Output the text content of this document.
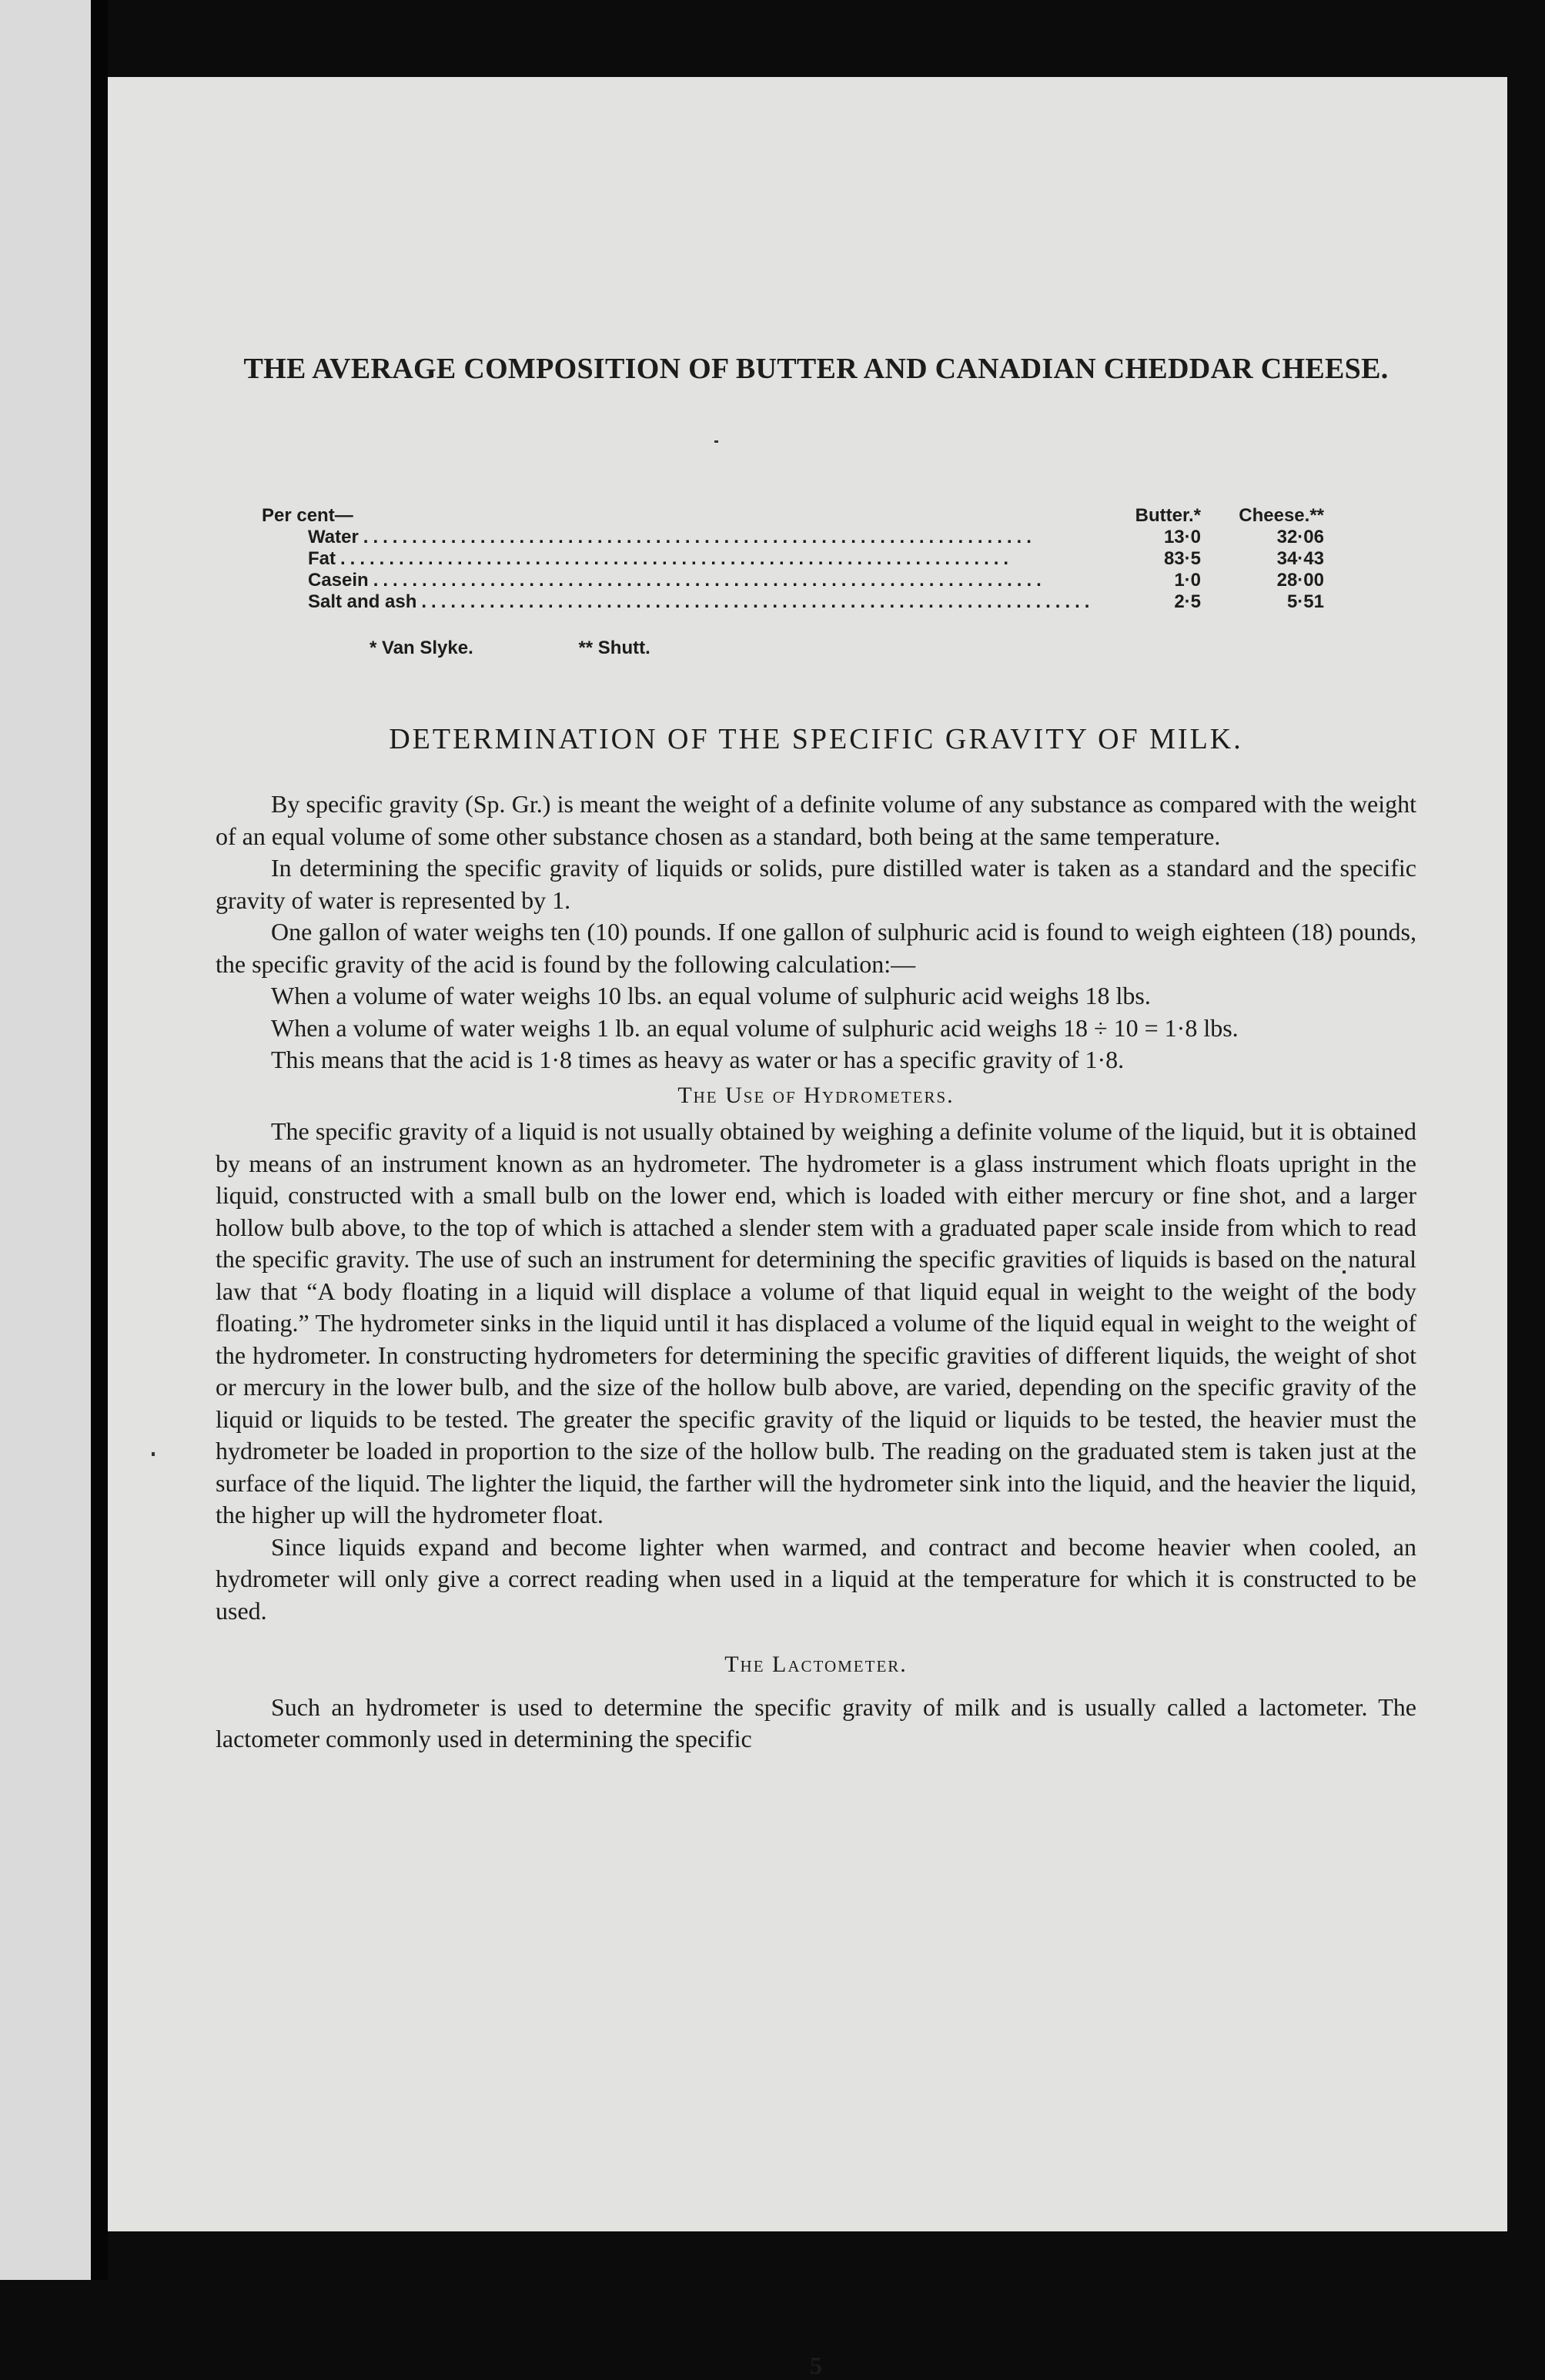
THE AVERAGE COMPOSITION OF BUTTER AND CANADIAN CHEDDAR CHEESE.
Per cent—	Butter.*	Cheese.**
Water .....................................................................	13·0	32·06
Fat .....................................................................	83·5	34·43
Casein .....................................................................	1·0	28·00
Salt and ash .....................................................................	2·5	5·51
* Van Slyke.	** Shutt.
DETERMINATION OF THE SPECIFIC GRAVITY OF MILK.

By specific gravity (Sp. Gr.) is meant the weight of a definite volume of any substance as compared with the weight of an equal volume of some other substance chosen as a standard, both being at the same temperature.

In determining the specific gravity of liquids or solids, pure distilled water is taken as a standard and the specific gravity of water is represented by 1.

One gallon of water weighs ten (10) pounds. If one gallon of sulphuric acid is found to weigh eighteen (18) pounds, the specific gravity of the acid is found by the following calculation:—

When a volume of water weighs 10 lbs. an equal volume of sulphuric acid weighs 18 lbs.

When a volume of water weighs 1 lb. an equal volume of sulphuric acid weighs 18 ÷ 10 = 1·8 lbs.

This means that the acid is 1·8 times as heavy as water or has a specific gravity of 1·8.

The Use of Hydrometers.

The specific gravity of a liquid is not usually obtained by weighing a definite volume of the liquid, but it is obtained by means of an instrument known as an hydrometer. The hydrometer is a glass instrument which floats upright in the liquid, constructed with a small bulb on the lower end, which is loaded with either mercury or fine shot, and a larger hollow bulb above, to the top of which is attached a slender stem with a graduated paper scale inside from which to read the specific gravity. The use of such an instrument for determining the specific gravities of liquids is based on the natural law that “A body floating in a liquid will displace a volume of that liquid equal in weight to the weight of the body floating.” The hydrometer sinks in the liquid until it has displaced a volume of the liquid equal in weight to the weight of the hydrometer. In constructing hydrometers for determining the specific gravities of different liquids, the weight of shot or mercury in the lower bulb, and the size of the hollow bulb above, are varied, depending on the specific gravity of the liquid or liquids to be tested. The greater the specific gravity of the liquid or liquids to be tested, the heavier must the hydrometer be loaded in proportion to the size of the hollow bulb. The reading on the graduated stem is taken just at the surface of the liquid. The lighter the liquid, the farther will the hydrometer sink into the liquid, and the heavier the liquid, the higher up will the hydrometer float.

Since liquids expand and become lighter when warmed, and contract and become heavier when cooled, an hydrometer will only give a correct reading when used in a liquid at the temperature for which it is constructed to be used.

The Lactometer.

Such an hydrometer is used to determine the specific gravity of milk and is usually called a lactometer. The lactometer commonly used in determining the specific

5
